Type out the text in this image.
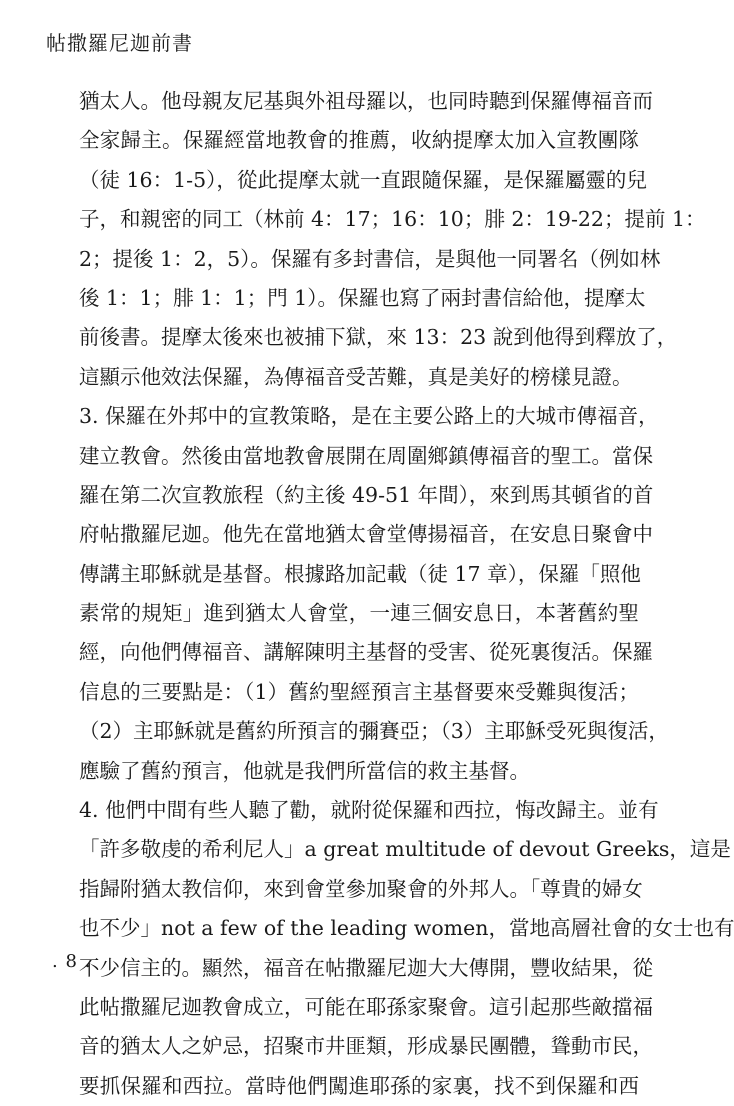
帖撒羅尼迦前書
猶太人。他母親友尼基與外祖母羅以，也同時聽到保羅傳福音而
全家歸主。保羅經當地教會的推薦，收納提摩太加入宣教團隊
（徒 16：1-5），從此提摩太就一直跟隨保羅，是保羅屬靈的兒
子，和親密的同工（林前 4：17；16：10；腓 2：19-22；提前 1：
2；提後 1：2，5）。保羅有多封書信，是與他一同署名（例如林
後 1：1；腓 1：1；門 1）。保羅也寫了兩封書信給他，提摩太
前後書。提摩太後來也被捕下獄，來 13：23 說到他得到釋放了，
這顯示他效法保羅，為傳福音受苦難，真是美好的榜樣見證。
3. 保羅在外邦中的宣教策略，是在主要公路上的大城市傳福音，
建立教會。然後由當地教會展開在周圍鄉鎮傳福音的聖工。當保
羅在第二次宣教旅程（約主後 49-51 年間），來到馬其頓省的首
府帖撒羅尼迦。他先在當地猶太會堂傳揚福音，在安息日聚會中
傳講主耶穌就是基督。根據路加記載（徒 17 章），保羅「照他
素常的規矩」進到猶太人會堂，一連三個安息日，本著舊約聖
經，向他們傳福音、講解陳明主基督的受害、從死裏復活。保羅
信息的三要點是：（1）舊約聖經預言主基督要來受難與復活；
（2）主耶穌就是舊約所預言的彌賽亞；（3）主耶穌受死與復活，
應驗了舊約預言，他就是我們所當信的救主基督。
4. 他們中間有些人聽了勸，就附從保羅和西拉，悔改歸主。並有
「許多敬虔的希利尼人」a great multitude of devout Greeks，這是
指歸附猶太教信仰，來到會堂參加聚會的外邦人。「尊貴的婦女
也不少」not a few of the leading women，當地高層社會的女士也有
不少信主的。顯然，福音在帖撒羅尼迦大大傳開，豐收結果，從
此帖撒羅尼迦教會成立，可能在耶孫家聚會。這引起那些敵擋福
音的猶太人之妒忌，招聚市井匪類，形成暴民團體，聳動市民，
要抓保羅和西拉。當時他們闖進耶孫的家裏，找不到保羅和西
. 8 .
